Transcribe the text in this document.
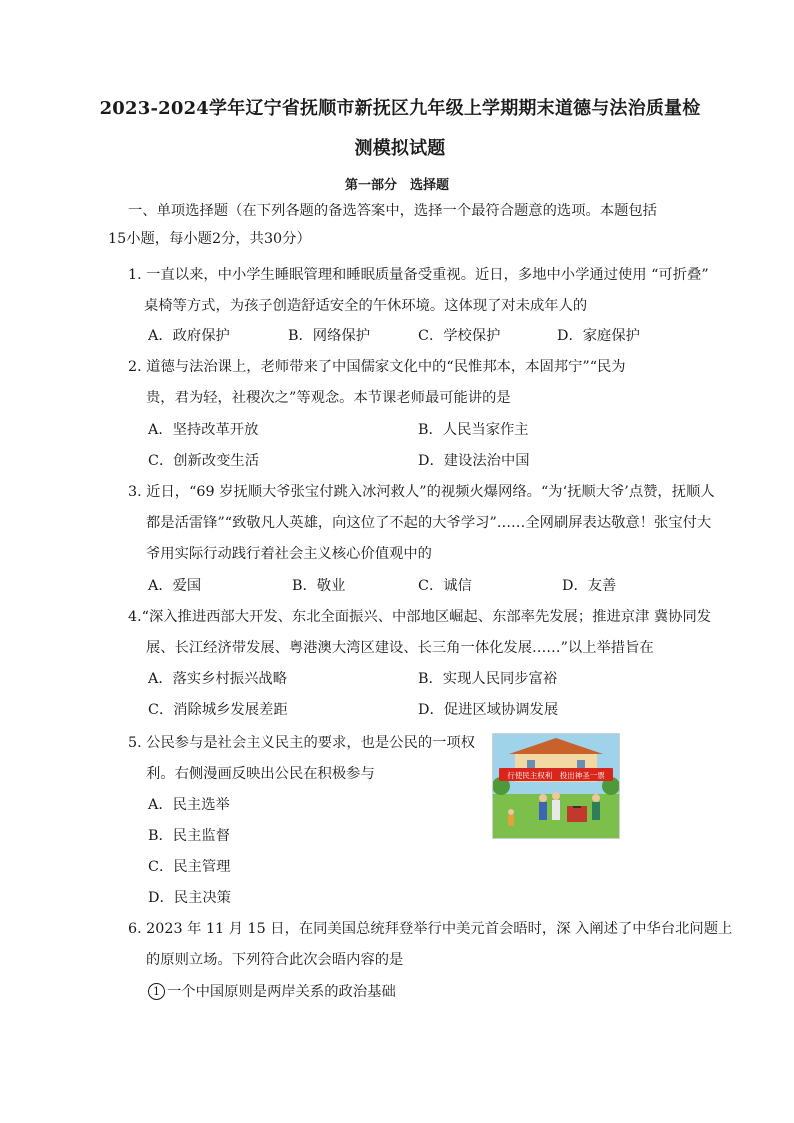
2023-2024学年辽宁省抚顺市新抚区九年级上学期期末道德与法治质量检
测模拟试题
第一部分　选择题
一、单项选择题（在下列各题的备选答案中，选择一个最符合题意的选项。本题包括
15小题，每小题2分，共30分）
1. 一直以来，中小学生睡眠管理和睡眠质量备受重视。近日，多地中小学通过使用 “可折叠”
桌椅等方式，为孩子创造舒适安全的午休环境。这体现了对未成年人的
A．政府保护	B．网络保护	C．学校保护	D．家庭保护
2. 道德与法治课上，老师带来了中国儒家文化中的“民惟邦本，本固邦宁”“民为
贵，君为轻，社稷次之”等观念。本节课老师最可能讲的是
A．坚持改革开放	B．人民当家作主
C．创新改变生活	D．建设法治中国
3. 近日，“69 岁抚顺大爷张宝付跳入冰河救人”的视频火爆网络。“为‘抚顺大爷’点赞，抚顺人
都是活雷锋”“致敬凡人英雄，向这位了不起的大爷学习”……全网刷屏表达敬意！张宝付大
爷用实际行动践行着社会主义核心价值观中的
A．爱国	B．敬业	C．诚信	D．友善
4.“深入推进西部大开发、东北全面振兴、中部地区崛起、东部率先发展；推进京津 冀协同发
展、长江经济带发展、粤港澳大湾区建设、长三角一体化发展……”以上举措旨在
A．落实乡村振兴战略	B．实现人民同步富裕
C．消除城乡发展差距	D．促进区域协调发展
5. 公民参与是社会主义民主的要求，也是公民的一项权
利。右侧漫画反映出公民在积极参与
A．民主选举
B．民主监督
C．民主管理
D．民主决策
行使民主权利　投出神圣一票
6. 2023 年 11 月 15 日，在同美国总统拜登举行中美元首会晤时，深 入阐述了中华台北问题上
的原则立场。下列符合此次会晤内容的是
1 一个中国原则是两岸关系的政治基础
